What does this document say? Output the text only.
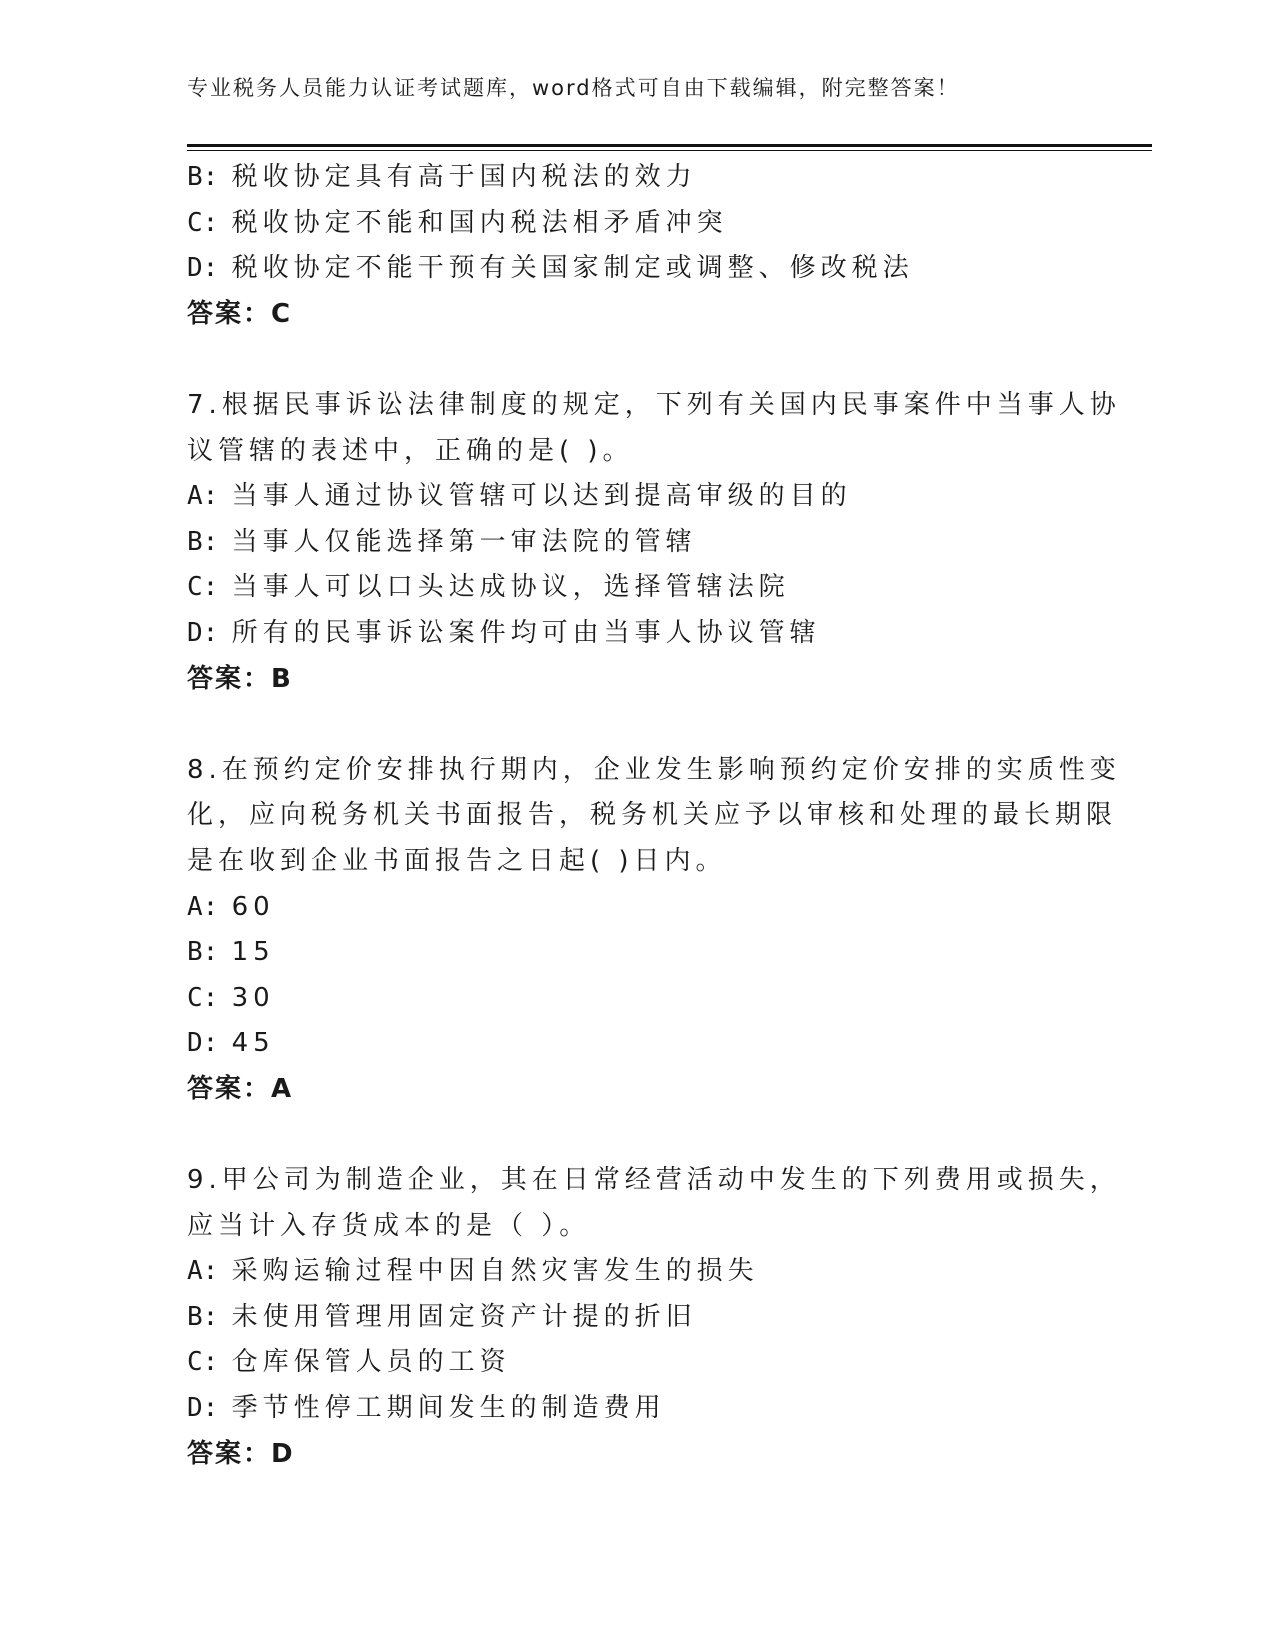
专业税务人员能力认证考试题库，word格式可自由下载编辑，附完整答案！

B: 税收协定具有高于国内税法的效力

C: 税收协定不能和国内税法相矛盾冲突

D: 税收协定不能干预有关国家制定或调整、修改税法

答案：C

7.根据民事诉讼法律制度的规定，下列有关国内民事案件中当事人协

议管辖的表述中，正确的是( )。

A: 当事人通过协议管辖可以达到提高审级的目的

B: 当事人仅能选择第一审法院的管辖

C: 当事人可以口头达成协议，选择管辖法院

D: 所有的民事诉讼案件均可由当事人协议管辖

答案：B

8.在预约定价安排执行期内，企业发生影响预约定价安排的实质性变

化，应向税务机关书面报告，税务机关应予以审核和处理的最长期限

是在收到企业书面报告之日起( )日内。

A: 60

B: 15

C: 30

D: 45

答案：A

9.甲公司为制造企业，其在日常经营活动中发生的下列费用或损失，

应当计入存货成本的是（ ）。

A: 采购运输过程中因自然灾害发生的损失

B: 未使用管理用固定资产计提的折旧

C: 仓库保管人员的工资

D: 季节性停工期间发生的制造费用

答案：D
